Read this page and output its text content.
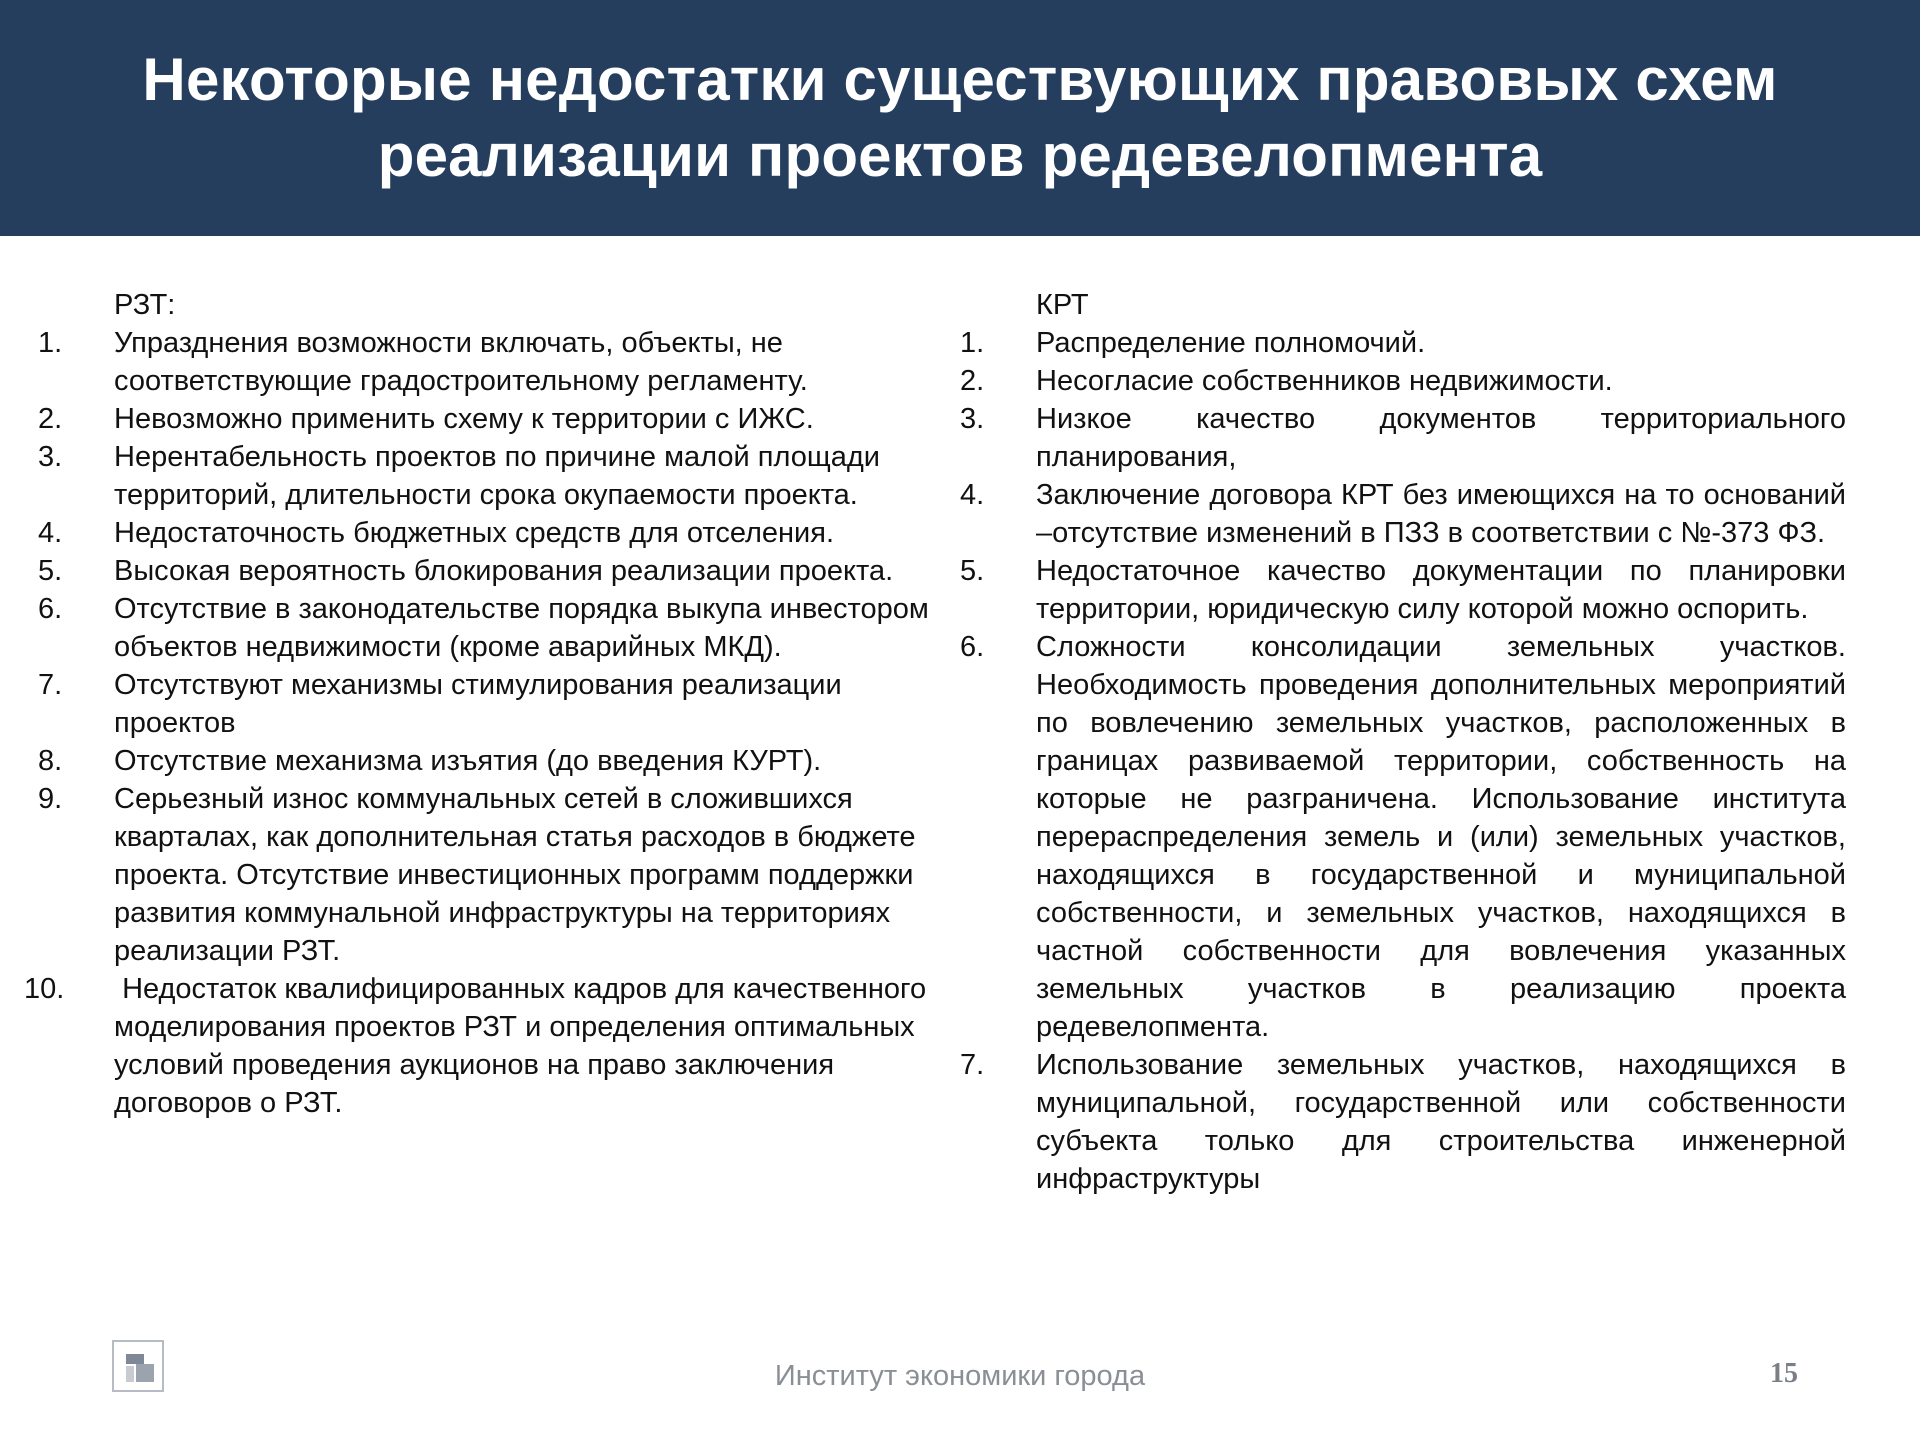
Некоторые недостатки существующих правовых схем
реализации проектов редевелопмента
РЗТ:
1.	Упразднения возможности включать, объекты, не соответствующие градостроительному регламенту.
2.	Невозможно применить схему к территории с ИЖС.
3.	Нерентабельность проектов по причине малой площади территорий, длительности срока окупаемости проекта.
4.	Недостаточность бюджетных средств для отселения.
5.	Высокая вероятность блокирования реализации проекта.
6.	Отсутствие в законодательстве порядка выкупа инвестором объектов недвижимости (кроме аварийных МКД).
7.	Отсутствуют механизмы стимулирования реализации проектов
8.	Отсутствие механизма изъятия (до введения КУРТ).
9.	Серьезный износ коммунальных сетей в сложившихся кварталах, как дополнительная статья расходов в бюджете проекта. Отсутствие инвестиционных программ поддержки развития коммунальной инфраструктуры на территориях реализации РЗТ.
10.	Недостаток квалифицированных кадров для качественного моделирования проектов РЗТ и определения оптимальных условий проведения аукционов на право заключения договоров о РЗТ.
КРТ
1.	Распределение полномочий.
2.	Несогласие собственников недвижимости.
3.	Низкое качество документов территориального планирования,
4.	Заключение договора КРТ без имеющихся на то оснований –отсутствие изменений в ПЗЗ в соответствии с №-373 ФЗ.
5.	Недостаточное качество документации по планировки территории, юридическую силу которой можно оспорить.
6.	Сложности консолидации земельных участков. Необходимость проведения дополнительных мероприятий по вовлечению земельных участков, расположенных в границах развиваемой территории, собственность на которые не разграничена. Использование института перераспределения земель и (или) земельных участков, находящихся в государственной и муниципальной собственности, и земельных участков, находящихся в частной собственности для вовлечения указанных земельных участков в реализацию проекта редевелопмента.
7.	Использование земельных участков, находящихся в муниципальной, государственной или собственности субъекта только для строительства инженерной инфраструктуры
Институт экономики города	15
